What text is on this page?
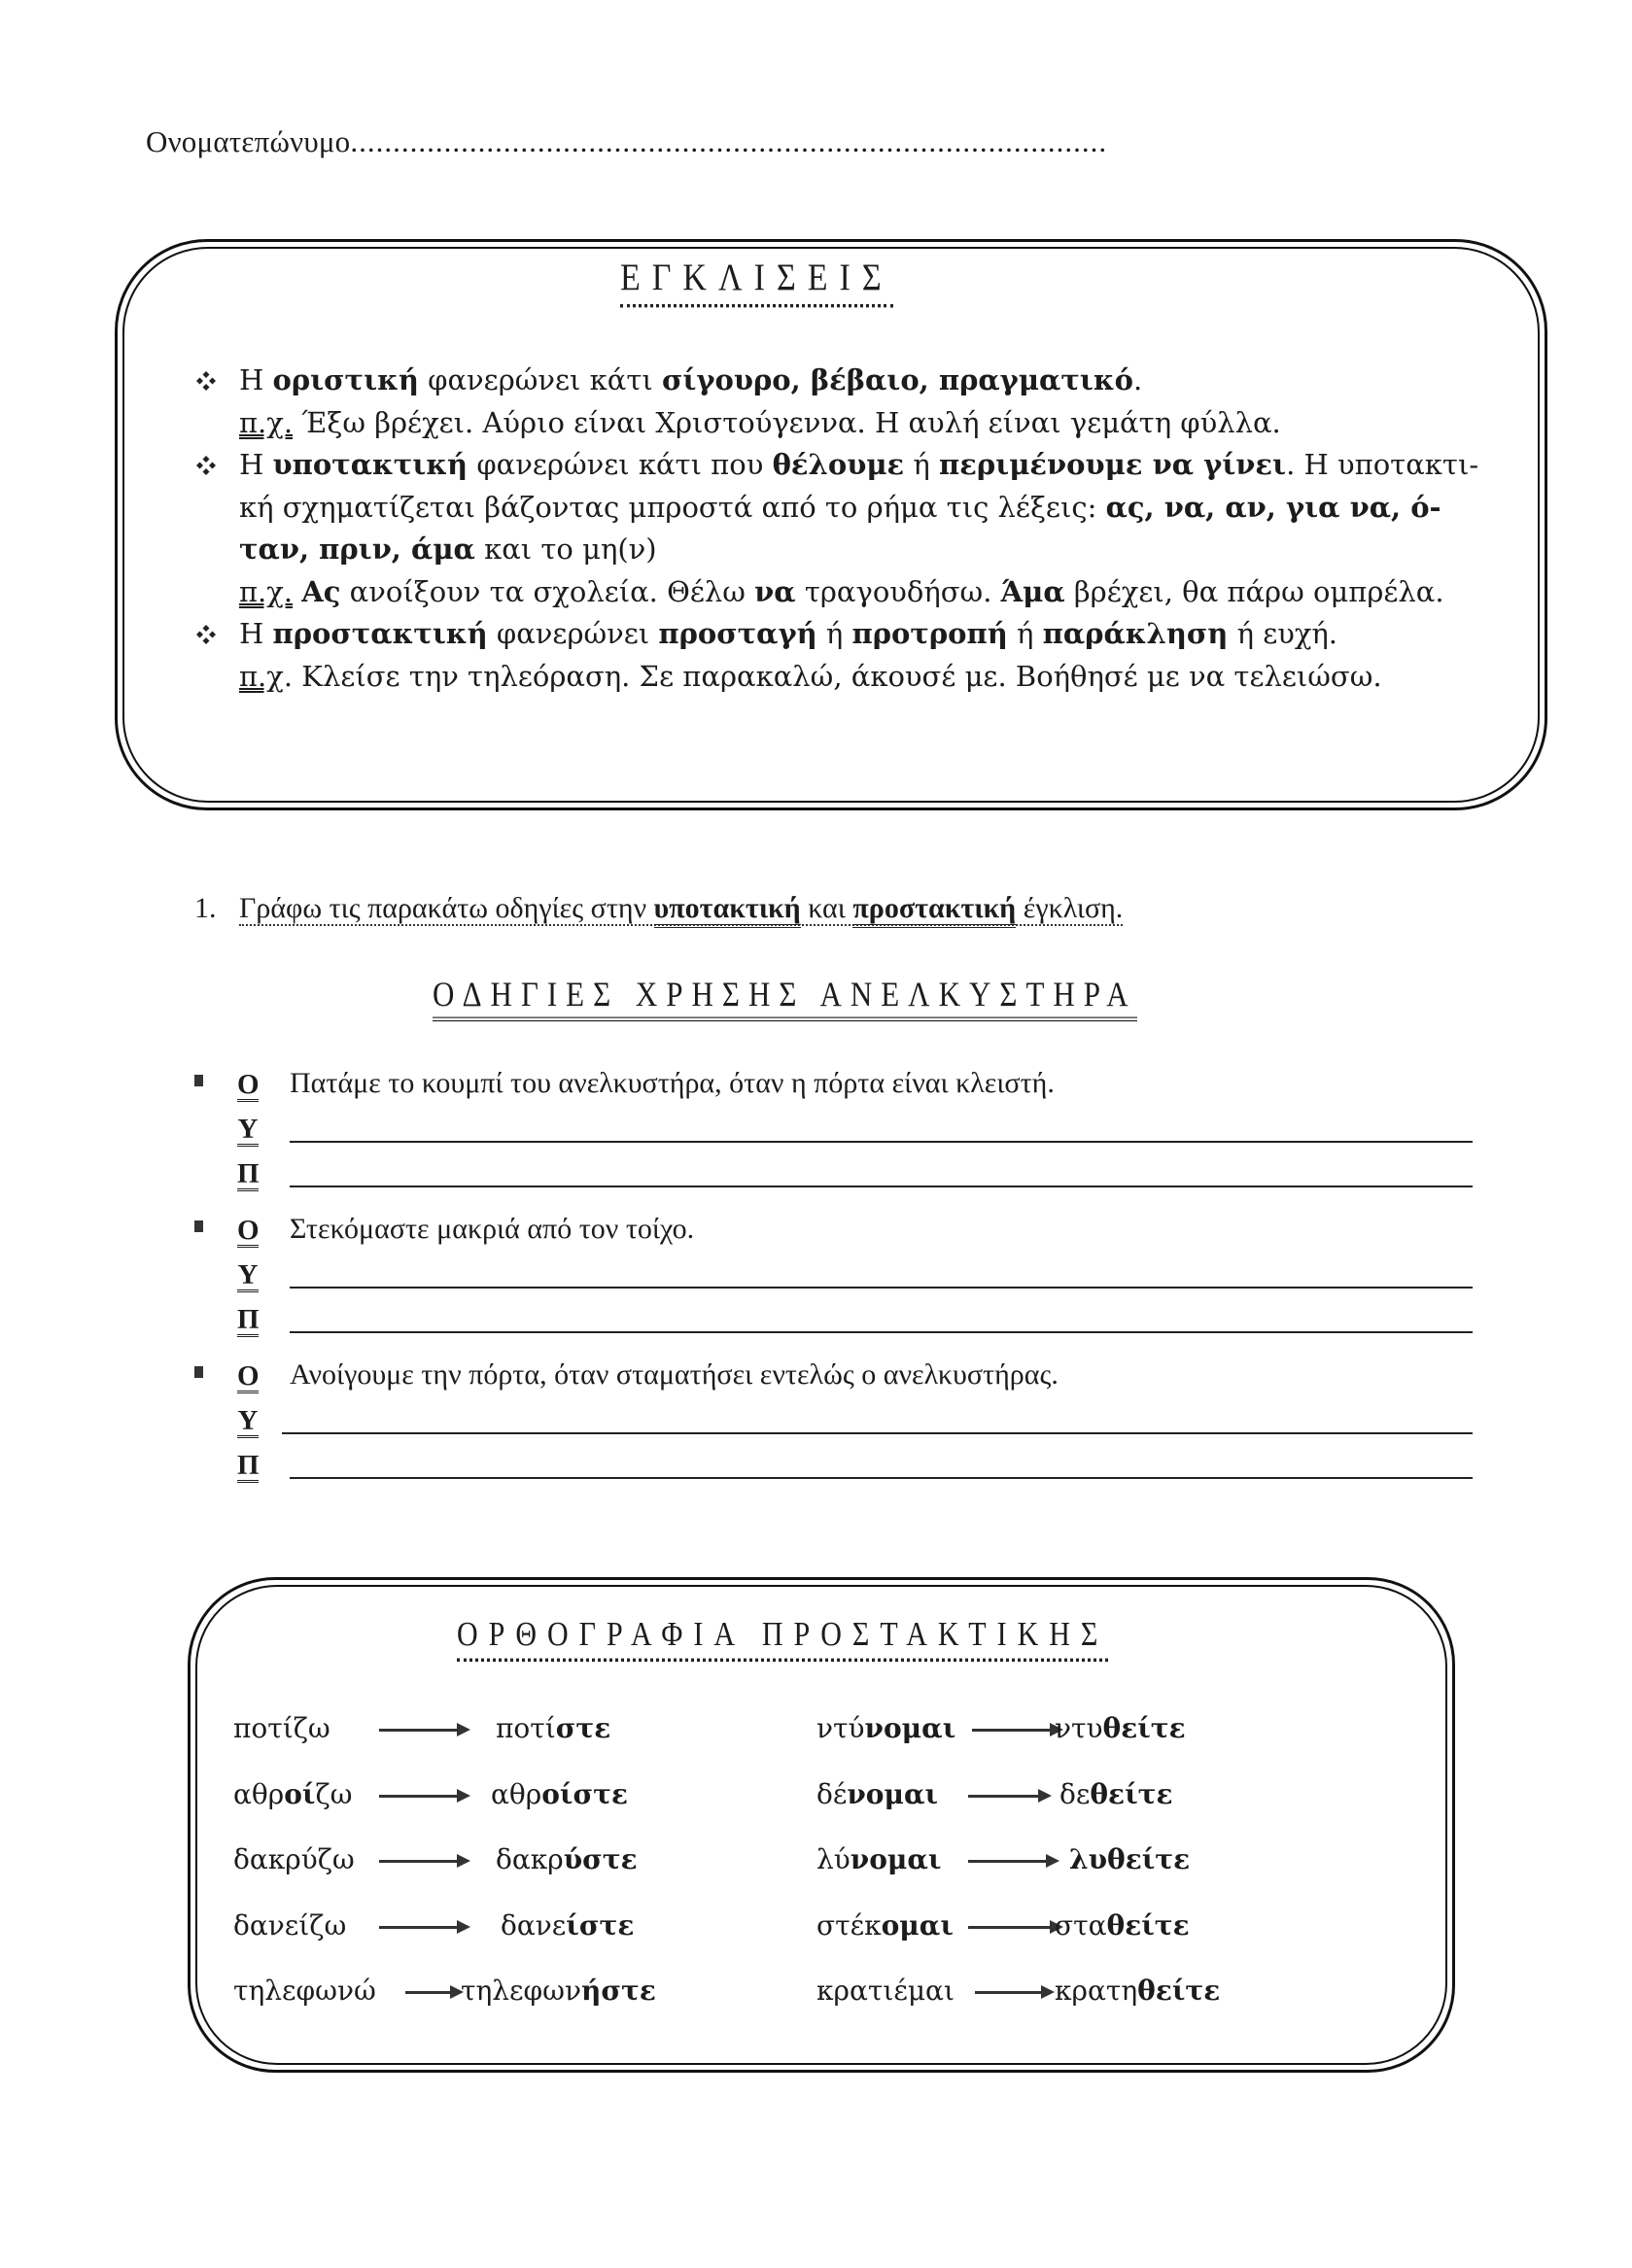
Ονοματεπώνυμο.........................................................................................
ΕΓΚΛΙΣΕΙΣ
Η οριστική φανερώνει κάτι σίγουρο, βέβαιο, πραγματικό.
π.χ. Έξω βρέχει. Αύριο είναι Χριστούγεννα. Η αυλή είναι γεμάτη φύλλα.
Η υποτακτική φανερώνει κάτι που θέλουμε ή περιμένουμε να γίνει. Η υποτακτι-
κή σχηματίζεται βάζοντας μπροστά από το ρήμα τις λέξεις: ας, να, αν, για να, ό-
ταν, πριν, άμα και το μη(ν)
π.χ. Ας ανοίξουν τα σχολεία. Θέλω να τραγουδήσω. Άμα βρέχει, θα πάρω ομπρέλα.
Η προστακτική φανερώνει προσταγή ή προτροπή ή παράκληση ή ευχή.
π.χ. Κλείσε την τηλεόραση. Σε παρακαλώ, άκουσέ με. Βοήθησέ με να τελειώσω.
1. Γράφω τις παρακάτω οδηγίες στην υποτακτική και προστακτική έγκλιση.
ΟΔΗΓΙΕΣ ΧΡΗΣΗΣ ΑΝΕΛΚΥΣΤΗΡΑ
Ο Πατάμε το κουμπί του ανελκυστήρα, όταν η πόρτα είναι κλειστή.
Υ
Π
Ο Στεκόμαστε μακριά από τον τοίχο.
Υ
Π
Ο Ανοίγουμε την πόρτα, όταν σταματήσει εντελώς ο ανελκυστήρας.
Υ
Π
ΟΡΘΟΓΡΑΦΙΑ ΠΡΟΣΤΑΚΤΙΚΗΣ
ποτίζω	ποτίστε	ντύνομαι	ντυθείτε
αθροίζω	αθροίστε	δένομαι	δεθείτε
δακρύζω	δακρύστε	λύνομαι	λυθείτε
δανείζω	δανείστε	στέκομαι	σταθείτε
τηλεφωνώ	τηλεφωνήστε	κρατιέμαι	κρατηθείτε
